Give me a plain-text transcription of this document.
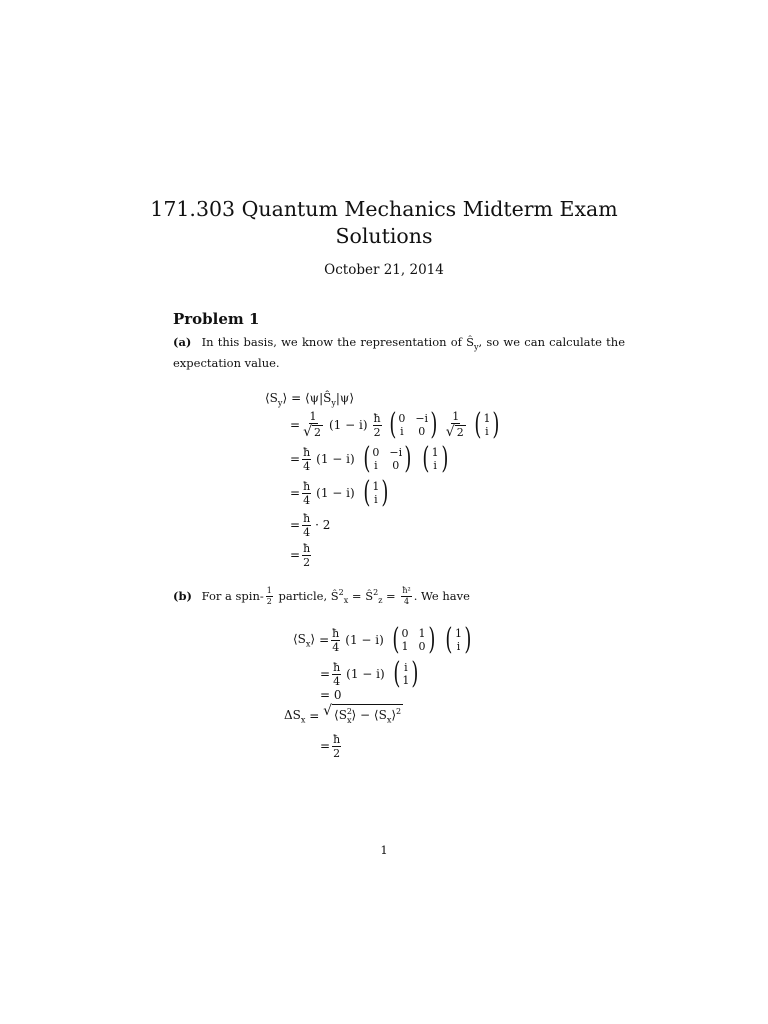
171.303 Quantum Mechanics Midterm Exam
Solutions
October 21, 2014
Problem 1
(a) In this basis, we know the representation of $Ŝ_y$, so we can calculate the expectation value.
$⟨S_y⟩$ = $⟨\psi|Ŝ_y|\psi⟩$
= $\frac{1}{√ 2} (1 - i) \frac{ħ}{2}$ ( 0 −i
i 0 ) $\frac{1}{√ 2}$ ( 1
i )
= $\frac{ħ}{4} (1 - i)$ ( 0 −i
i 0 ) ( 1
i )
= $\frac{ħ}{4} (1 - i)$ ( 1
i )
= $\frac{ħ}{4} \cdot 2$
= $\frac{ħ}{2}$
(b) For a spin- $\frac{1}{2}$ particle, $Ŝ^2_x$ = $Ŝ^2_z = \frac{\text{ħ²}}{4}$ . We have
$⟨S_x⟩ = \frac{ħ}{4} (1 - i)$ ( 0 1
1 0 ) ( 1
i )
= $\frac{ħ}{4} (1 - i)$ ( i
1 )
= 0
$\Delta S_x$ = √ $⟨S^2_x⟩$ − $⟨S_x⟩^2$
= $\frac{ħ}{2}$
1
